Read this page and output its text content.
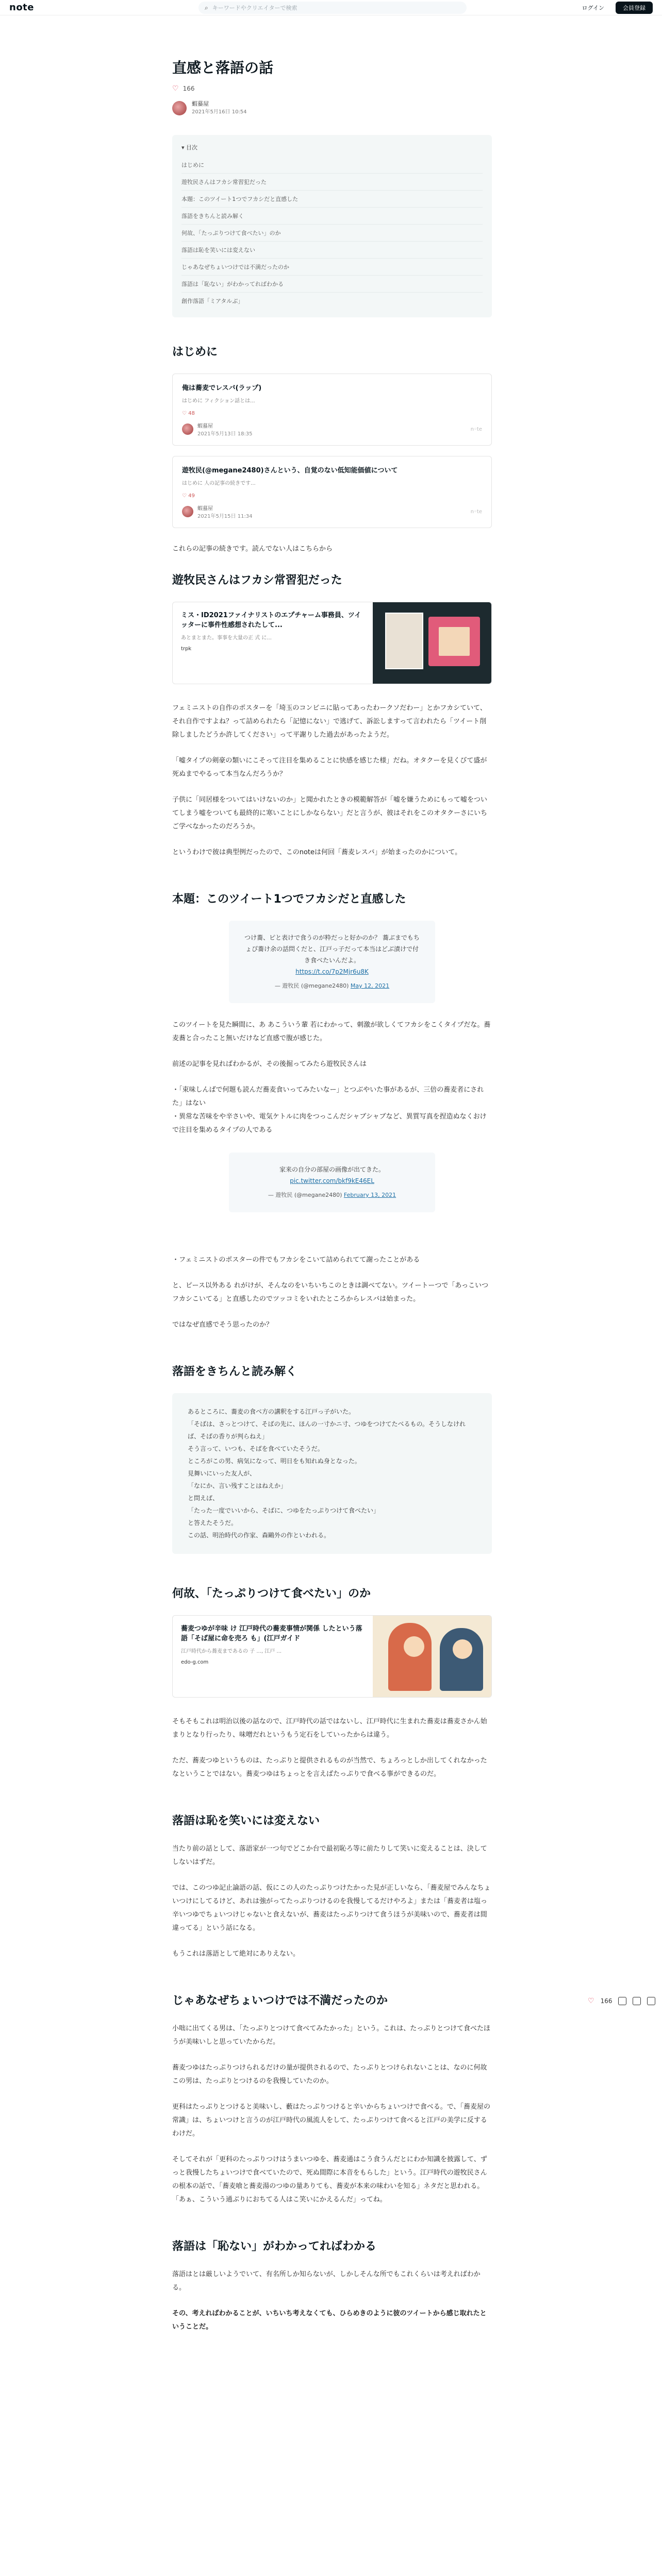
note	⌕ キーワードやクリエイターで検索	ログイン	会員登録
直感と落語の話
♡ 166
蝦蟇屋
2021年5月16日 10:54
▾ 目次
はじめに
遊牧民さんはフカシ常習犯だった
本題：このツイート1つでフカシだと直感した
落語をきちんと読み解く
何故、「たっぷりつけて食べたい」のか
落語は恥を笑いには変えない
じゃあなぜちょいつけでは不満だったのか
落語は「恥ない」がわかってればわかる
創作落語「ミアタルぶ」
はじめに
俺は蕎麦でレスバ(ラップ)
はじめに フィクション話とは...
♡ 48
蝦蟇屋
2021年5月13日 18:35
n◦te
遊牧民(@megane2480)さんという、自覚のない低知能価値について
はじめに 人の記事の続きです...
♡ 49
蝦蟇屋
2021年5月15日 11:34
n◦te

これらの記事の続きです。読んでない人はこちらから

遊牧民さんはフカシ常習犯だった
ミス・ID2021ファイナリストのエプチャーム事務員、ツイッターに事件性感想されたして...
あとまとまた。事事を大量の正 式 に...
trpk

フェミニストの自作のポスターを「埼玉のコンビニに貼ってあったわークソだわー」とかフカシていて、それ自作ですよね？って詰められたら「記憶にない」で逃げて、訴訟しますって言われたら「ツイート削除しましたどうか許してください」って平謝りした過去があったようだ。

「嘘タイプの剣豪の類いにこそって注目を集めることに快感を感じた様」だね。オタクーを見くびて盛が死ぬまでやるって本当なんだろうか？

子供に「同居様をついてはいけないのか」と聞かれたときの模範解答が「嘘を嫌うためにもって嘘をついてしまう嘘をついても最終的に寒いことにしかならない」だと言うが、彼はそれをこのオタクーさにいちご学べなかったのだろうか。

というわけで彼は典型例だったので、このnoteは何回「蕎麦レスバ」が始まったのかについて。

本題：このツイート1つでフカシだと直感した
つけ蕎、ピと表けで食うのが粋だっと好かのか？ 蕎ぶまでもちょぴ蕎け余の話問くだと、江戸っ子だって本当はどぶ漬けで付き食べたいんだよ。
https://t.co/7p2Mjr6u8K
— 遊牧民 (@megane2480) May 12, 2021

このツイートを見た瞬間に、あ あこういう輩 若にわかって、刺激が欲しくてフカシをこくタイプだな。蕎麦蕎と合ったこと無いだけなど直感で腹が感じた。

前述の記事を見ればわかるが、その後掘ってみたら遊牧民さんは

・「束味しんばで何題も読んだ蕎麦食いってみたいなー」とつぶやいた事があるが、三倍の蕎麦者にされた」はない

・異常な苦味をや辛さいや、電気ケトルに肉をつっこんだシャブシャブなど、異質写真を捏造ぬなくおけで注目を集めるタイプの人である

家来の自分の部屋の画像が出てきた。
pic.twitter.com/bkf9kE46EL
— 遊牧民 (@megane2480) February 13, 2021

・フェミニストのポスターの件でもフカシをこいて詰められてて謝ったことがある

と、ピース以外ある れがけが、そんなのをいちいちこのときは調べてない。ツイートーつで「あっこいつフカシこいてる」と直感したのでツッコミをいれたところからレスバは始まった。

ではなぜ直感でそう思ったのか？

落語をきちんと読み解く
あるところに、蕎麦の食べ方の講釈をする江戸っ子がいた。
「そばは、さっとつけて、そばの先に、ほんの一寸かニ寸、つゆをつけてたべるもの。そうしなければ、そばの香りが判らねえ」
そう言って、いつも、そばを食べていたそうだ。
ところがこの男、病気になって、明日をも知れぬ身となった。
見舞いにいった友人が、
「なにか、言い残すことはねえか」
と問えば、
「たった一度でいいから、そばに、つゆをたっぷりつけて食べたい」
と答えたそうだ。
この話、明治時代の作家、森鷗外の作といわれる。
何故、「たっぷりつけて食べたい」のか
蕎麦つゆが辛味 け 江戸時代の蕎麦事情が関係 したという落語「そば屋に命を売ろ も」(江戸ガイド
江戸時代から蕎麦まであるの 子 ..., 江戸 ...
edo-g.com

そもそもこれは明治以後の話なので、江戸時代の話ではないし、江戸時代に生まれた蕎麦は蕎麦さかん始まりとなり行ったり、味噌だれというもう定石をしていったからは違う。

ただ、蕎麦つゆというものは、たっぷりと提供されるものが当然で、ちょろっとしか出してくれなかったなということではない。蕎麦つゆはちょっとを言えばたっぷりで食べる事ができるのだ。

落語は恥を笑いには変えない

当たり前の話として、落語家が一つ句でどこか台で最初恥ろ等に前たりして笑いに変えることは、決してしないはずだ。

では、このつゆ記止論語の話、仮にこの人のたっぷりつけたかった見が正しいなら、「蕎麦屋でみんなちょいつけにしてるけど、あれは強がってたっぷりつけるのを我慢してるだけやろよ」または「蕎麦者は塩っ辛いつゆでちょいつけじゃないと食えないが、蕎麦はたっぷりつけて食うほうが美味いので、蕎麦者は間違ってる」という話になる。

もうこれは落語として絶対にありえない。

じゃあなぜちょいつけでは不満だったのか

小咄に出てくる男は、「たっぷりとつけて食べてみたかった」という。これは、たっぷりとつけて食べたほうが美味いしと思っていたからだ。

蕎麦つゆはたっぷりつけられるだけの量が提供されるので、たっぷりとつけられないことは、なのに何故この男は、たっぷりとつけるのを我慢していたのか。

更科はたっぷりとつけると美味いし、藪はたっぷりつけると辛いからちょいつけで食べる。で、「蕎麦屋の常識」は、ちょいつけと言うのが江戸時代の風流人をして、たっぷりつけて食べると江戸の美学に反するわけだ。

そしてそれが「更科のたっぷりつけはうまいつゆを、蕎麦通はこう食うんだとにわか知識を披露して、ずっと我慢したちょいつけで食べていたので、死ぬ間際に本音をもらした」という。江戸時代の遊牧民さんの根本の話で、「蕎麦喰と蕎麦湯のつゆの量ありても、蕎麦が本来の味わいを知る」ネタだと思われる。「あぁ、こういう通ぶりにおちてる人はこ笑いにかえるんだ」ってね。

落語は「恥ない」がわかってればわかる

落語はとは厳しいようでいて、有名所しか知らないが、しかしそんな所でもこれくらいは考えればわかる。

その、考えればわかることが、いちいち考えなくても、ひらめきのように彼のツイートから感じ取れたということだ。

♡ 166
